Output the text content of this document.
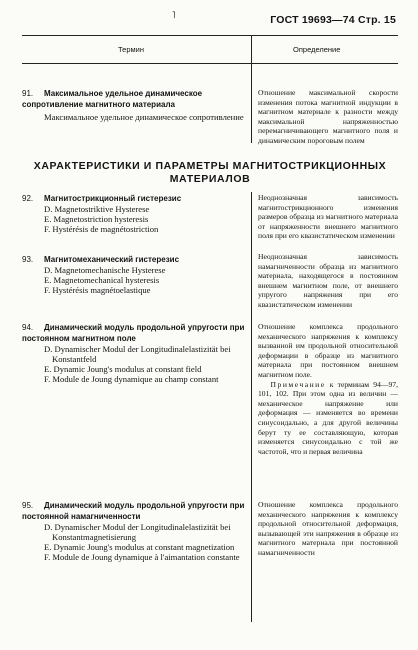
ГОСТ 19693—74 Стр. 15
˥
Термин	Определение
91. Максимальное удельное динамическое сопротивление магнитного материала
Максимальное удельное динамическое сопротивление
Отношение максимальной скорости изменения потока магнитной индукции в магнитном материале к разности между максимальной напряженностью перемагничивающего магнитного поля и динамическим пороговым полем
ХАРАКТЕРИСТИКИ И ПАРАМЕТРЫ МАГНИТОСТРИКЦИОННЫХ МАТЕРИАЛОВ
92. Магнитострикционный гистерезис
D. Magnetostriktive Hysterese
E. Magnetostriction hysteresis
F. Hystérésis de magnétostriction
Неоднозначная зависимость магнитострикционного изменения размеров образца из магнитного материала от напряженности внешнего магнитного поля при его квазистатическом изменении
93. Магнитомеханический гистерезис
D. Magnetomechanische Hysterese
E. Magnetomechanical hysteresis
F. Hystérésis magnétoelastique
Неоднозначная зависимость намагниченности образца из магнитного материала, находящегося в постоянном внешнем магнитном поле, от внешнего упругого напряжения при его квазистатическом изменении
94. Динамический модуль продольной упругости при постоянном магнитном поле
D. Dynamischer Modul der Longitudinalelastizität bei Konstantfeld
E. Dynamic Joung's modulus at constant field
F. Module de Joung dynamique au champ constant
Отношение комплекса продольного механического напряжения к комплексу вызванной им продольной относительной деформации в образце из магнитного материала при постоянном внешнем магнитном поле.
Примечание к терминам 94—97, 101, 102. При этом одна из величин — механическое напряжение или деформация — изменяется во времени синусоидально, а для другой величины берут ту ее составляющую, которая изменяется синусоидально с той же частотой, что и первая величина
95. Динамический модуль продольной упругости при постоянной намагниченности
D. Dynamischer Modul der Longitudinalelastizität bei Konstantmagnetisierung
E. Dynamic Joung's modulus at constant magnetization
F. Module de Joung dynamique à l'aimantation constante
Отношение комплекса продольного механического напряжения к комплексу продольной относительной деформация, вызывающей эти напряжения в образце из магнитного материала при постоянной намагниченности
